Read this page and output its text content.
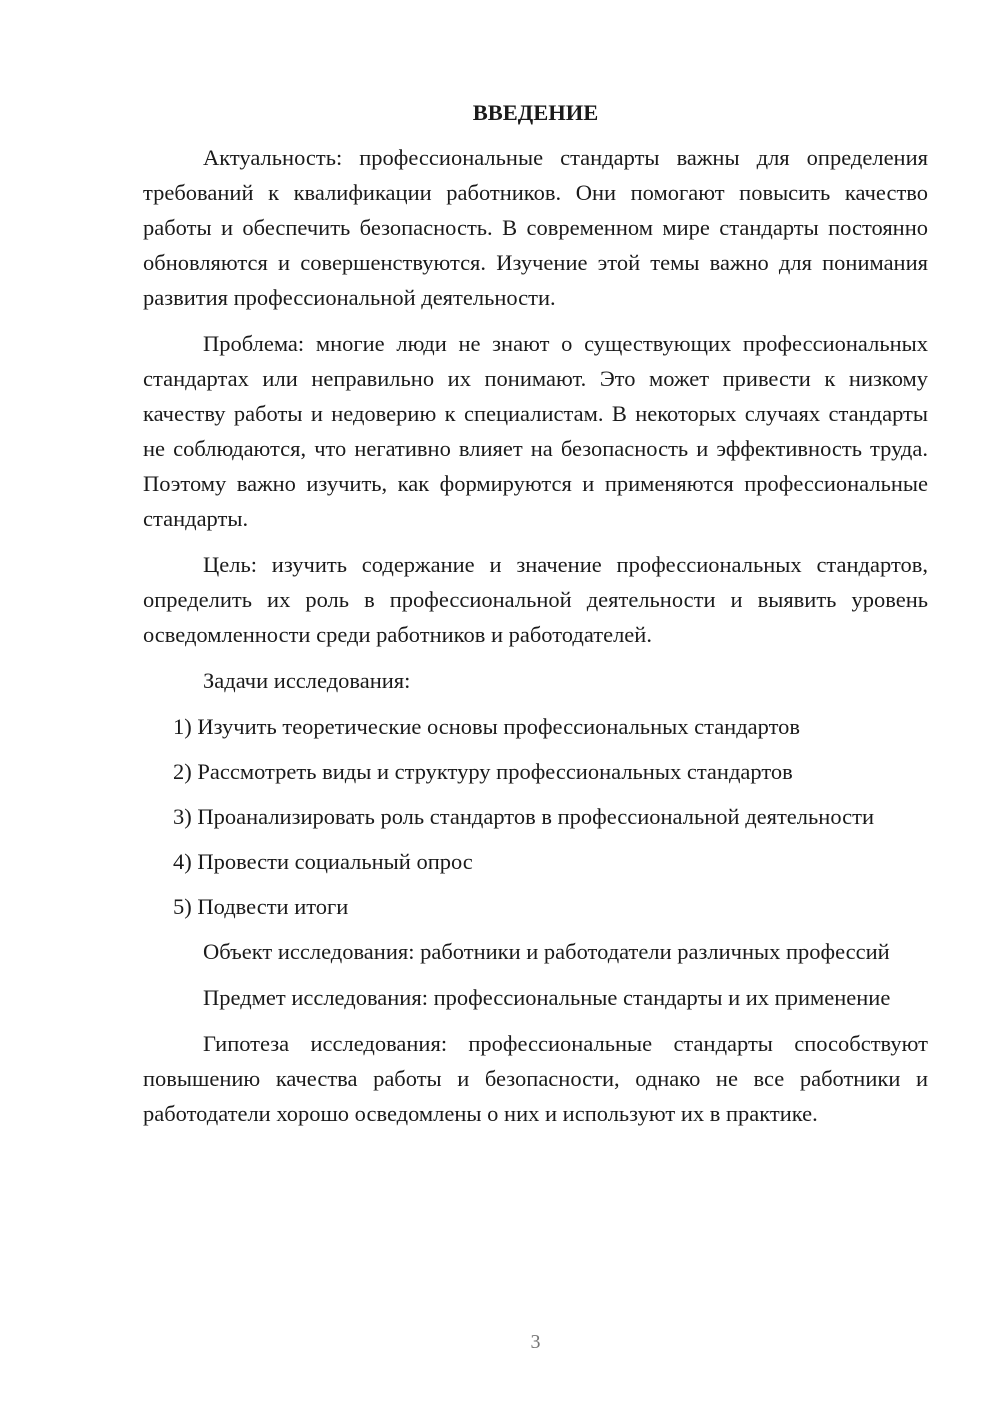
ВВЕДЕНИЕ

Актуальность: профессиональные стандарты важны для определения требований к квалификации работников. Они помогают повысить качество работы и обеспечить безопасность. В современном мире стандарты постоянно обновляются и совершенствуются. Изучение этой темы важно для понимания развития профессиональной деятельности.

Проблема: многие люди не знают о существующих профессиональных стандартах или неправильно их понимают. Это может привести к низкому качеству работы и недоверию к специалистам. В некоторых случаях стандарты не соблюдаются, что негативно влияет на безопасность и эффективность труда. Поэтому важно изучить, как формируются и применяются профессиональные стандарты.

Цель: изучить содержание и значение профессиональных стандартов, определить их роль в профессиональной деятельности и выявить уровень осведомленности среди работников и работодателей.

Задачи исследования:

1) Изучить теоретические основы профессиональных стандартов

2) Рассмотреть виды и структуру профессиональных стандартов

3) Проанализировать роль стандартов в профессиональной деятельности

4) Провести социальный опрос

5) Подвести итоги

Объект исследования: работники и работодатели различных профессий

Предмет исследования: профессиональные стандарты и их применение

Гипотеза исследования: профессиональные стандарты способствуют повышению качества работы и безопасности, однако не все работники и работодатели хорошо осведомлены о них и используют их в практике.

3
